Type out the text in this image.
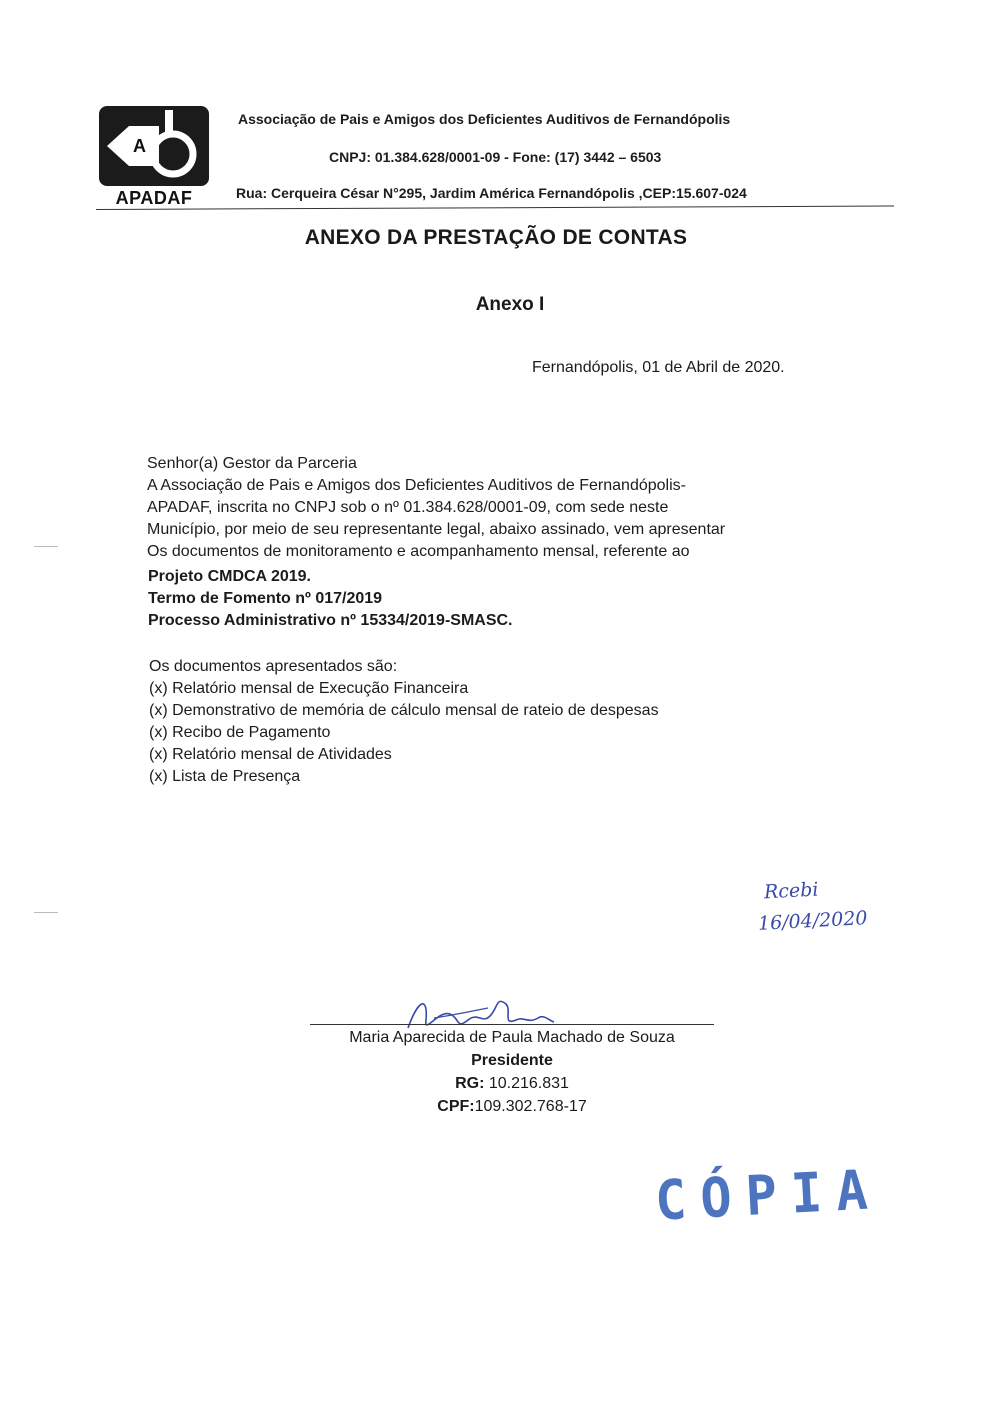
A
APADAF
Associação de Pais e Amigos dos Deficientes Auditivos de Fernandópolis
CNPJ: 01.384.628/0001-09 - Fone: (17) 3442 – 6503
Rua: Cerqueira César N°295, Jardim América Fernandópolis ,CEP:15.607-024
ANEXO DA PRESTAÇÃO DE CONTAS
Anexo I
Fernandópolis, 01 de Abril de 2020.
Senhor(a) Gestor da Parceria
A Associação de Pais e Amigos dos Deficientes Auditivos de Fernandópolis-
APADAF, inscrita no CNPJ sob o nº 01.384.628/0001-09, com sede neste
Município, por meio de seu representante legal, abaixo assinado, vem apresentar
Os documentos de monitoramento e acompanhamento mensal, referente ao
Projeto CMDCA 2019.
Termo de Fomento nº 017/2019
Processo Administrativo nº 15334/2019-SMASC.
Os documentos apresentados são:
(x) Relatório mensal de Execução Financeira
(x) Demonstrativo de memória de cálculo mensal de rateio de despesas
(x) Recibo de Pagamento
(x) Relatório mensal de Atividades
(x) Lista de Presença
Rcebi
16/04/2020
Maria Aparecida de Paula Machado de Souza
Presidente
RG: 10.216.831
CPF:109.302.768-17
CÓPIA
